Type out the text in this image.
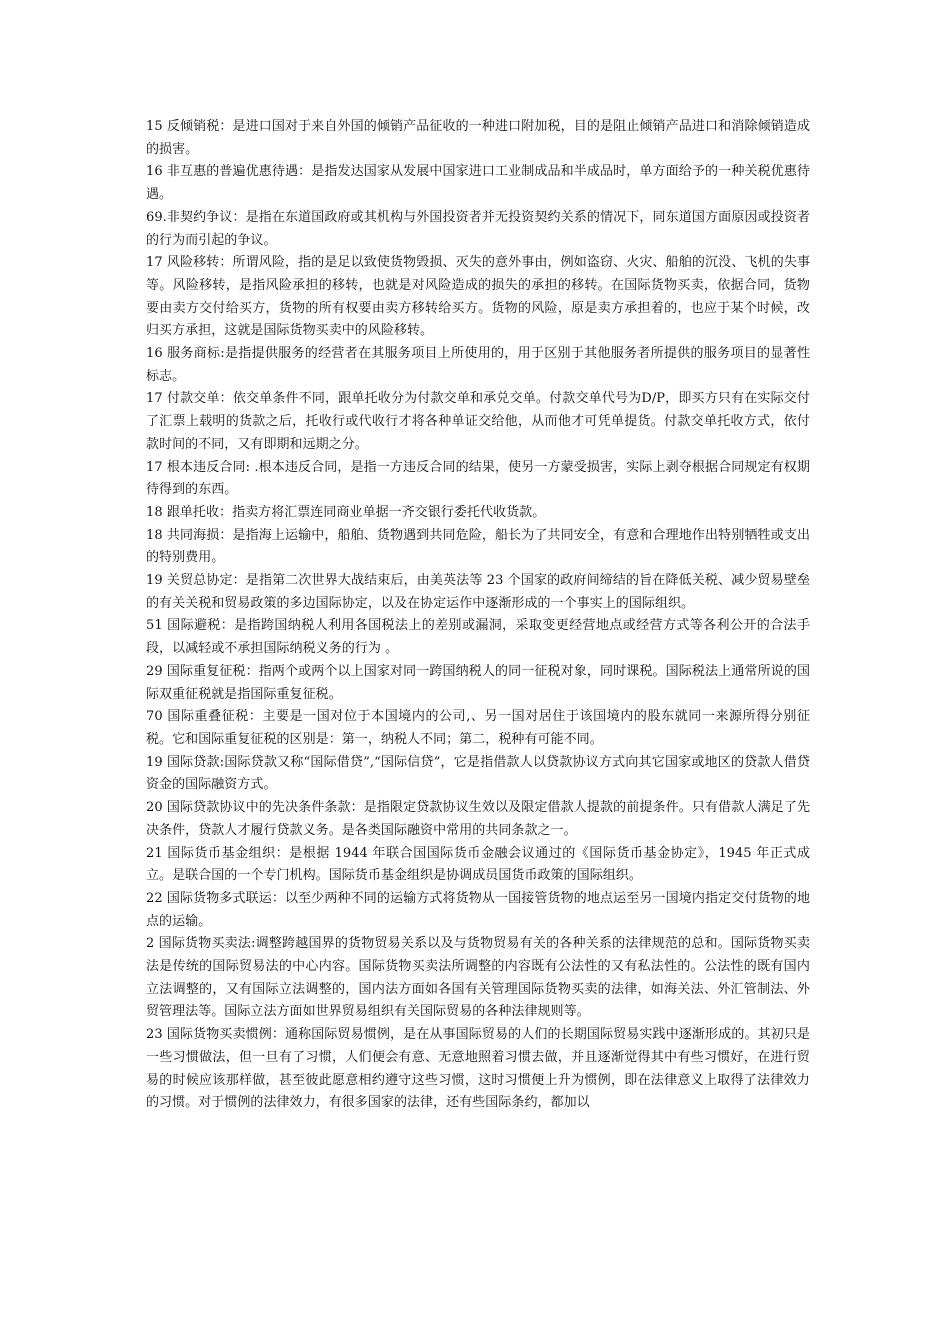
15 反倾销税：是进口国对于来自外国的倾销产品征收的一种进口附加税，目的是阻止倾销产品进口和消除倾销造成的损害。

16 非互惠的普遍优惠待遇：是指发达国家从发展中国家进口工业制成品和半成品时，单方面给予的一种关税优惠待遇。

69.非契约争议：是指在东道国政府或其机构与外国投资者并无投资契约关系的情况下，同东道国方面原因或投资者的行为而引起的争议。

17 风险移转：所谓风险，指的是足以致使货物毁损、灭失的意外事由，例如盗窃、火灾、船舶的沉没、飞机的失事等。风险移转，是指风险承担的移转，也就是对风险造成的损失的承担的移转。在国际货物买卖，依据合同，货物要由卖方交付给买方，货物的所有权要由卖方移转给买方。货物的风险，原是卖方承担着的，也应于某个时候，改归买方承担，这就是国际货物买卖中的风险移转。

16 服务商标:是指提供服务的经营者在其服务项目上所使用的，用于区别于其他服务者所提供的服务项目的显著性标志。

17 付款交单：依交单条件不同，跟单托收分为付款交单和承兑交单。付款交单代号为D/P，即买方只有在实际交付了汇票上载明的货款之后，托收行或代收行才将各种单证交给他，从而他才可凭单提货。付款交单托收方式，依付款时间的不同，又有即期和远期之分。

17 根本违反合同: .根本违反合同，是指一方违反合同的结果，使另一方蒙受损害，实际上剥夺根据合同规定有权期待得到的东西。

18 跟单托收：指卖方将汇票连同商业单据一齐交银行委托代收货款。

18 共同海损：是指海上运输中，船舶、货物遇到共同危险，船长为了共同安全，有意和合理地作出特别牺牲或支出的特别费用。

19 关贸总协定：是指第二次世界大战结束后，由美英法等 23 个国家的政府间缔结的旨在降低关税、减少贸易壁垒的有关关税和贸易政策的多边国际协定，以及在协定运作中逐渐形成的一个事实上的国际组织。

51 国际避税：是指跨国纳税人利用各国税法上的差别或漏洞，采取变更经营地点或经营方式等各利公开的合法手段，以减轻或不承担国际纳税义务的行为 。

29 国际重复征税：指两个或两个以上国家对同一跨国纳税人的同一征税对象，同时课税。国际税法上通常所说的国际双重征税就是指国际重复征税。

70 国际重叠征税：主要是一国对位于本国境内的公司,、另一国对居住于该国境内的股东就同一来源所得分别征税。它和国际重复征税的区别是：第一，纳税人不同；第二，税种有可能不同。

19 国际贷款:国际贷款又称“国际借贷”,“国际信贷”，它是指借款人以贷款协议方式向其它国家或地区的贷款人借贷资金的国际融资方式。

20 国际贷款协议中的先决条件条款：是指限定贷款协议生效以及限定借款人提款的前提条件。只有借款人满足了先决条件，贷款人才履行贷款义务。是各类国际融资中常用的共同条款之一。

21 国际货币基金组织：是根据 1944 年联合国国际货币金融会议通过的《国际货币基金协定》，1945 年正式成立。是联合国的一个专门机构。国际货币基金组织是协调成员国货币政策的国际组织。

22 国际货物多式联运：以至少两种不同的运输方式将货物从一国接管货物的地点运至另一国境内指定交付货物的地点的运输。

2 国际货物买卖法:调整跨越国界的货物贸易关系以及与货物贸易有关的各种关系的法律规范的总和。国际货物买卖 法是传统的国际贸易法的中心内容。国际货物买卖法所调整的内容既有公法性的又有私法性的。公法性的既有国内立法调整的，又有国际立法调整的，国内法方面如各国有关管理国际货物买卖的法律，如海关法、外汇管制法、外贸管理法等。国际立法方面如世界贸易组织有关国际贸易的各种法律规则等。

23 国际货物买卖惯例：通称国际贸易惯例，是在从事国际贸易的人们的长期国际贸易实践中逐渐形成的。其初只是一些习惯做法，但一旦有了习惯，人们便会有意、无意地照着习惯去做，并且逐渐觉得其中有些习惯好，在进行贸易的时候应该那样做，甚至彼此愿意相约遵守这些习惯，这时习惯便上升为惯例，即在法律意义上取得了法律效力的习惯。对于惯例的法律效力，有很多国家的法律，还有些国际条约，都加以
